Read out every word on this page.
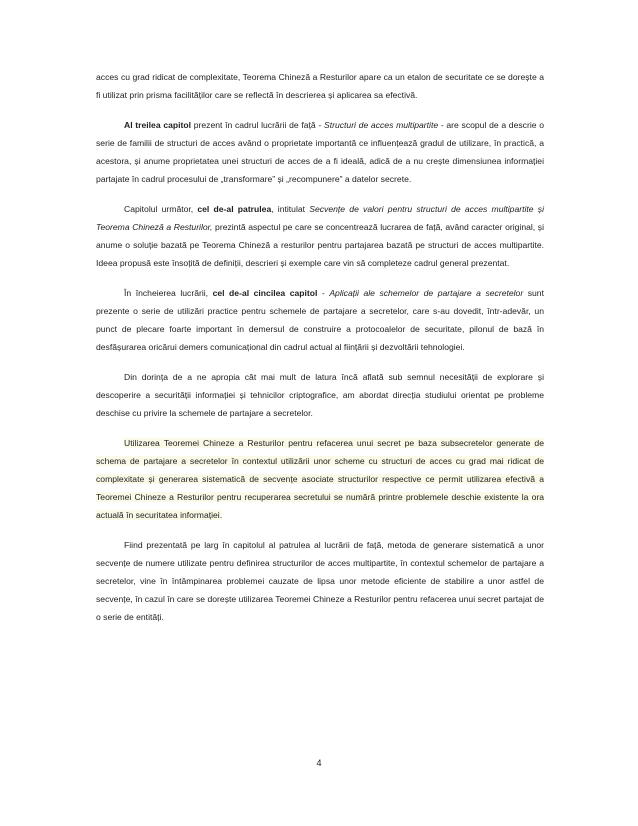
acces cu grad ridicat de complexitate, Teorema Chineză a Resturilor apare ca un etalon de securitate ce se dorește a fi utilizat prin prisma facilităților care se reflectă în descrierea și aplicarea sa efectivă.

Al treilea capitol prezent în cadrul lucrării de față - Structuri de acces multipartite - are scopul de a descrie o serie de familii de structuri de acces având o proprietate importantă ce influențează gradul de utilizare, în practică, a acestora, și anume proprietatea unei structuri de acces de a fi ideală, adică de a nu crește dimensiunea informației partajate în cadrul procesului de „transformare” și „recompunere” a datelor secrete.

Capitolul următor, cel de-al patrulea, intitulat Secvențe de valori pentru structuri de acces multipartite și Teorema Chineză a Resturilor, prezintă aspectul pe care se concentrează lucrarea de față, având caracter original, și anume o soluție bazată pe Teorema Chineză a resturilor pentru partajarea bazată pe structuri de acces multipartite. Ideea propusă este însoțită de definiții, descrieri și exemple care vin să completeze cadrul general prezentat.

În încheierea lucrării, cel de-al cincilea capitol - Aplicații ale schemelor de partajare a secretelor sunt prezente o serie de utilizări practice pentru schemele de partajare a secretelor, care s-au dovedit, într-adevăr, un punct de plecare foarte important în demersul de construire a protocoalelor de securitate, pilonul de bază în desfășurarea oricărui demers comunicațional din cadrul actual al ființării și dezvoltării tehnologiei.

Din dorința de a ne apropia cât mai mult de latura încă aflată sub semnul necesității de explorare și descoperire a securității informației și tehnicilor criptografice, am abordat direcția studiului orientat pe probleme deschise cu privire la schemele de partajare a secretelor.

Utilizarea Teoremei Chineze a Resturilor pentru refacerea unui secret pe baza subsecretelor generate de schema de partajare a secretelor în contextul utilizării unor scheme cu structuri de acces cu grad mai ridicat de complexitate și generarea sistematică de secvențe asociate structurilor respective ce permit utilizarea efectivă a Teoremei Chineze a Resturilor pentru recuperarea secretului se numără printre problemele deschie existente la ora actuală în securitatea informației.

Fiind prezentată pe larg în capitolul al patrulea al lucrării de față, metoda de generare sistematică a unor secvențe de numere utilizate pentru definirea structurilor de acces multipartite, în contextul schemelor de partajare a secretelor, vine în întâmpinarea problemei cauzate de lipsa unor metode eficiente de stabilire a unor astfel de secvențe, în cazul în care se dorește utilizarea Teoremei Chineze a Resturilor pentru refacerea unui secret partajat de o serie de entități.

4
